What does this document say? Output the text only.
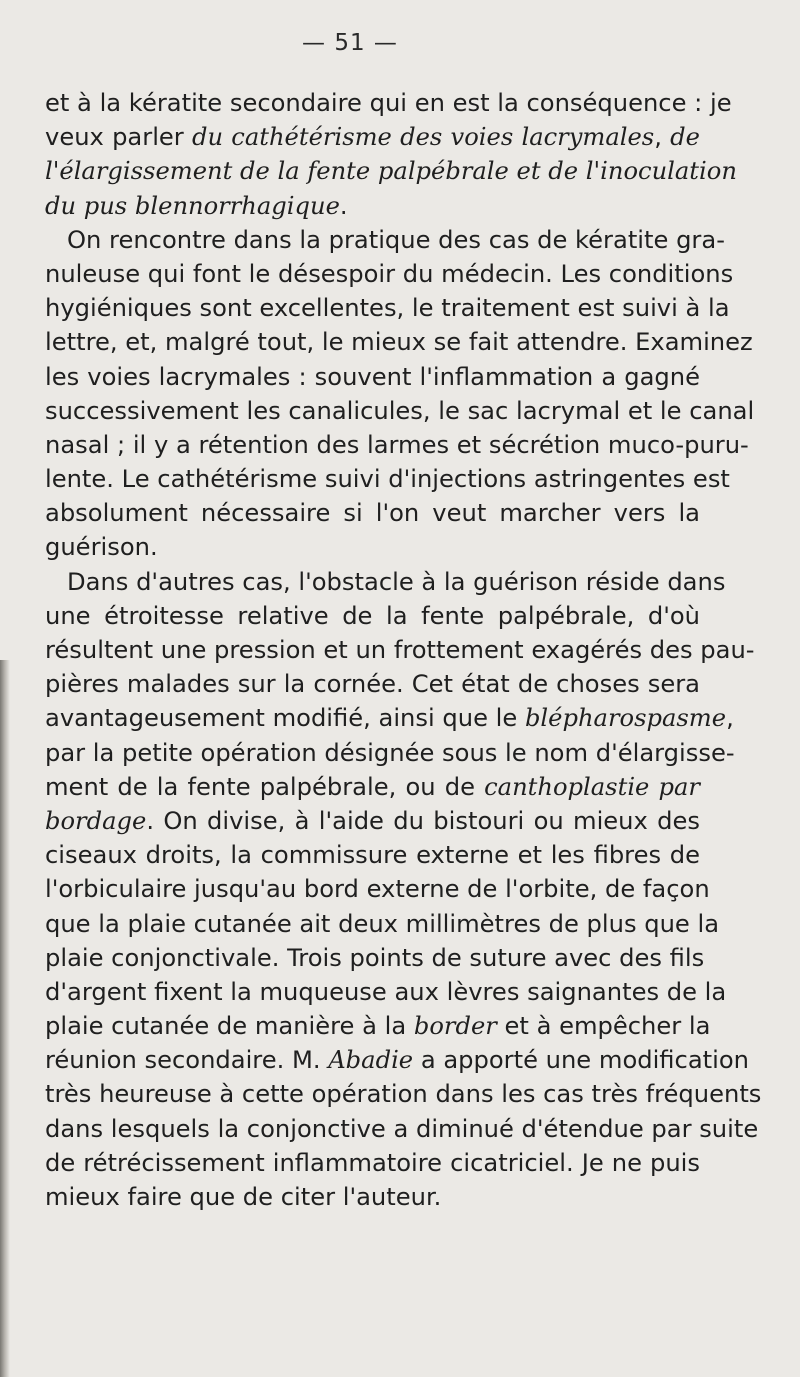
— 51 —
et à la kératite secondaire qui en est la conséquence : je
veux parler du cathétérisme des voies lacrymales, de
l'élargissement de la fente palpébrale et de l'inoculation
du pus blennorrhagique.
On rencontre dans la pratique des cas de kératite gra-
nuleuse qui font le désespoir du médecin. Les conditions
hygiéniques sont excellentes, le traitement est suivi à la
lettre, et, malgré tout, le mieux se fait attendre. Examinez
les voies lacrymales : souvent l'inflammation a gagné
successivement les canalicules, le sac lacrymal et le canal
nasal ; il y a rétention des larmes et sécrétion muco-puru-
lente. Le cathétérisme suivi d'injections astringentes est
absolument nécessaire si l'on veut marcher vers la
guérison.
Dans d'autres cas, l'obstacle à la guérison réside dans
une étroitesse relative de la fente palpébrale, d'où
résultent une pression et un frottement exagérés des pau-
pières malades sur la cornée. Cet état de choses sera
avantageusement modifié, ainsi que le blépharospasme,
par la petite opération désignée sous le nom d'élargisse-
ment de la fente palpébrale, ou de canthoplastie par
bordage. On divise, à l'aide du bistouri ou mieux des
ciseaux droits, la commissure externe et les fibres de
l'orbiculaire jusqu'au bord externe de l'orbite, de façon
que la plaie cutanée ait deux millimètres de plus que la
plaie conjonctivale. Trois points de suture avec des fils
d'argent fixent la muqueuse aux lèvres saignantes de la
plaie cutanée de manière à la border et à empêcher la
réunion secondaire. M. Abadie a apporté une modification
très heureuse à cette opération dans les cas très fréquents
dans lesquels la conjonctive a diminué d'étendue par suite
de rétrécissement inflammatoire cicatriciel. Je ne puis
mieux faire que de citer l'auteur.
